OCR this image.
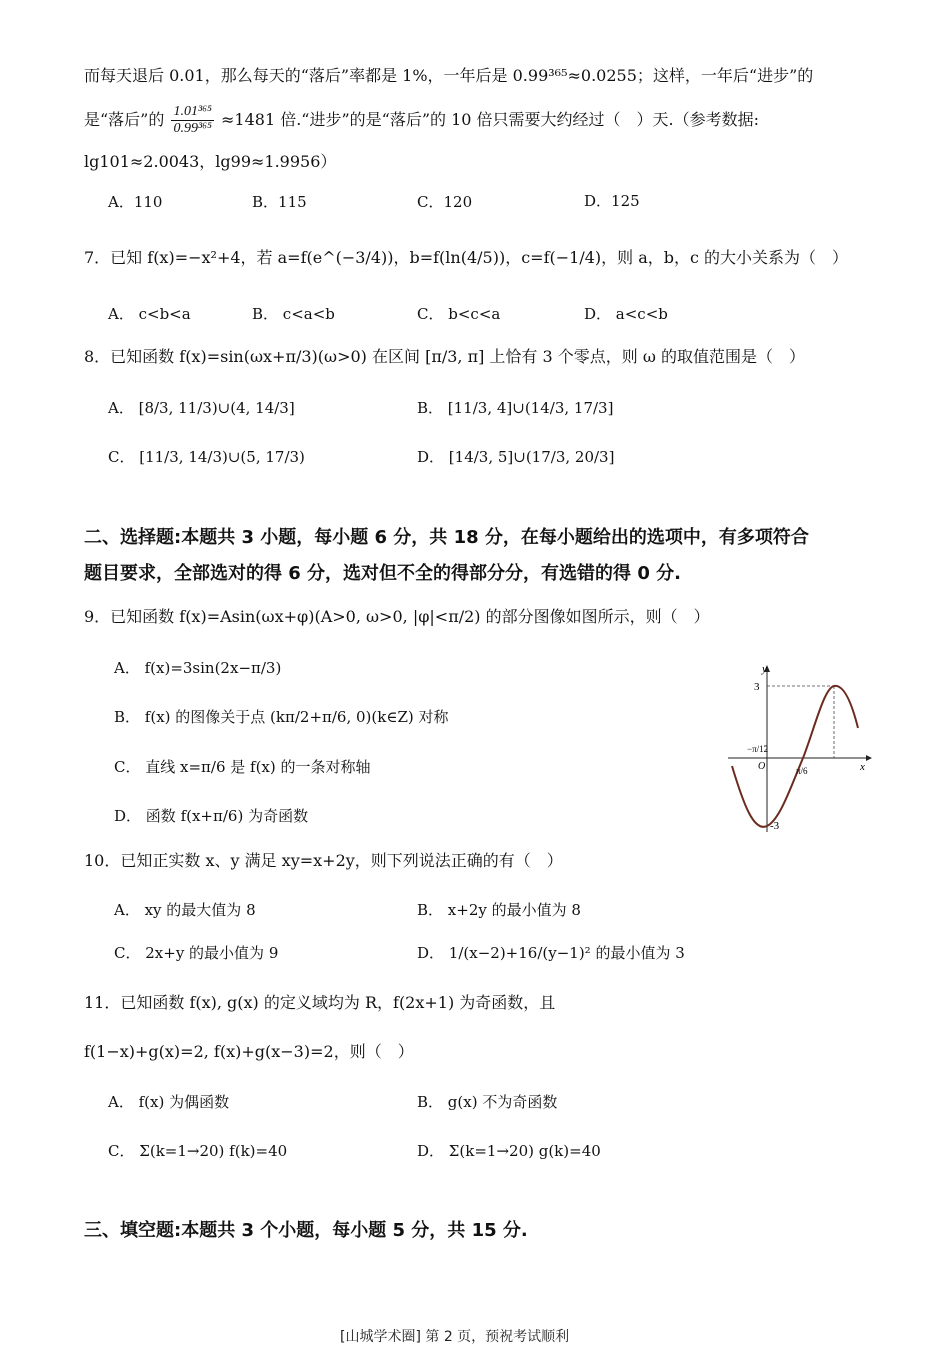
而每天退后 0.01，那么每天的“落后”率都是 1%，一年后是 0.99³⁶⁵≈0.0255；这样，一年后“进步”的
是“落后”的 $\frac{\text{1.01³⁶⁵}}{\text{0.99³⁶⁵}} \approx 1481$ 倍.“进步”的是“落后”的 10 倍只需要大约经过（　）天.（参考数据:
lg101≈2.0043，lg99≈1.9956）
A．110	B．115	C．120	D．125
7．已知 f(x)=−x²+4，若 a=f(e^(−3/4))，b=f(ln(4/5))，c=f(−1/4)，则 a，b，c 的大小关系为（　）
A． c<b<a	B． c<a<b	C． b<c<a	D． a<c<b
8．已知函数 f(x)=sin(ωx+π/3)(ω>0) 在区间 [π/3, π] 上恰有 3 个零点，则 ω 的取值范围是（　）
A． [8/3, 11/3)∪(4, 14/3]	B． [11/3, 4]∪(14/3, 17/3]
C． [11/3, 14/3)∪(5, 17/3)	D． [14/3, 5]∪(17/3, 20/3]
二、选择题:本题共 3 小题，每小题 6 分，共 18 分，在每小题给出的选项中，有多项符合
题目要求，全部选对的得 6 分，选对但不全的得部分分，有选错的得 0 分.
9．已知函数 f(x)=Asin(ωx+φ)(A>0, ω>0, |φ|<π/2) 的部分图像如图所示，则（　）
A． f(x)=3sin(2x−π/3)
B． f(x) 的图像关于点 (kπ/2+π/6, 0)(k∈Z) 对称
C． 直线 x=π/6 是 f(x) 的一条对称轴
D． 函数 f(x+π/6) 为奇函数
y
x
O
3
-3
−π/12
π/6
10．已知正实数 x、y 满足 xy=x+2y，则下列说法正确的有（　）
A． xy 的最大值为 8	B． x+2y 的最小值为 8
C． 2x+y 的最小值为 9	D． 1/(x−2)+16/(y−1)² 的最小值为 3
11．已知函数 f(x), g(x) 的定义域均为 R，f(2x+1) 为奇函数，且
f(1−x)+g(x)=2, f(x)+g(x−3)=2，则（　）
A． f(x) 为偶函数	B． g(x) 不为奇函数
C． Σ(k=1→20) f(k)=40	D． Σ(k=1→20) g(k)=40
三、填空题:本题共 3 个小题，每小题 5 分，共 15 分.
[山城学术圈] 第 2 页，预祝考试顺利
